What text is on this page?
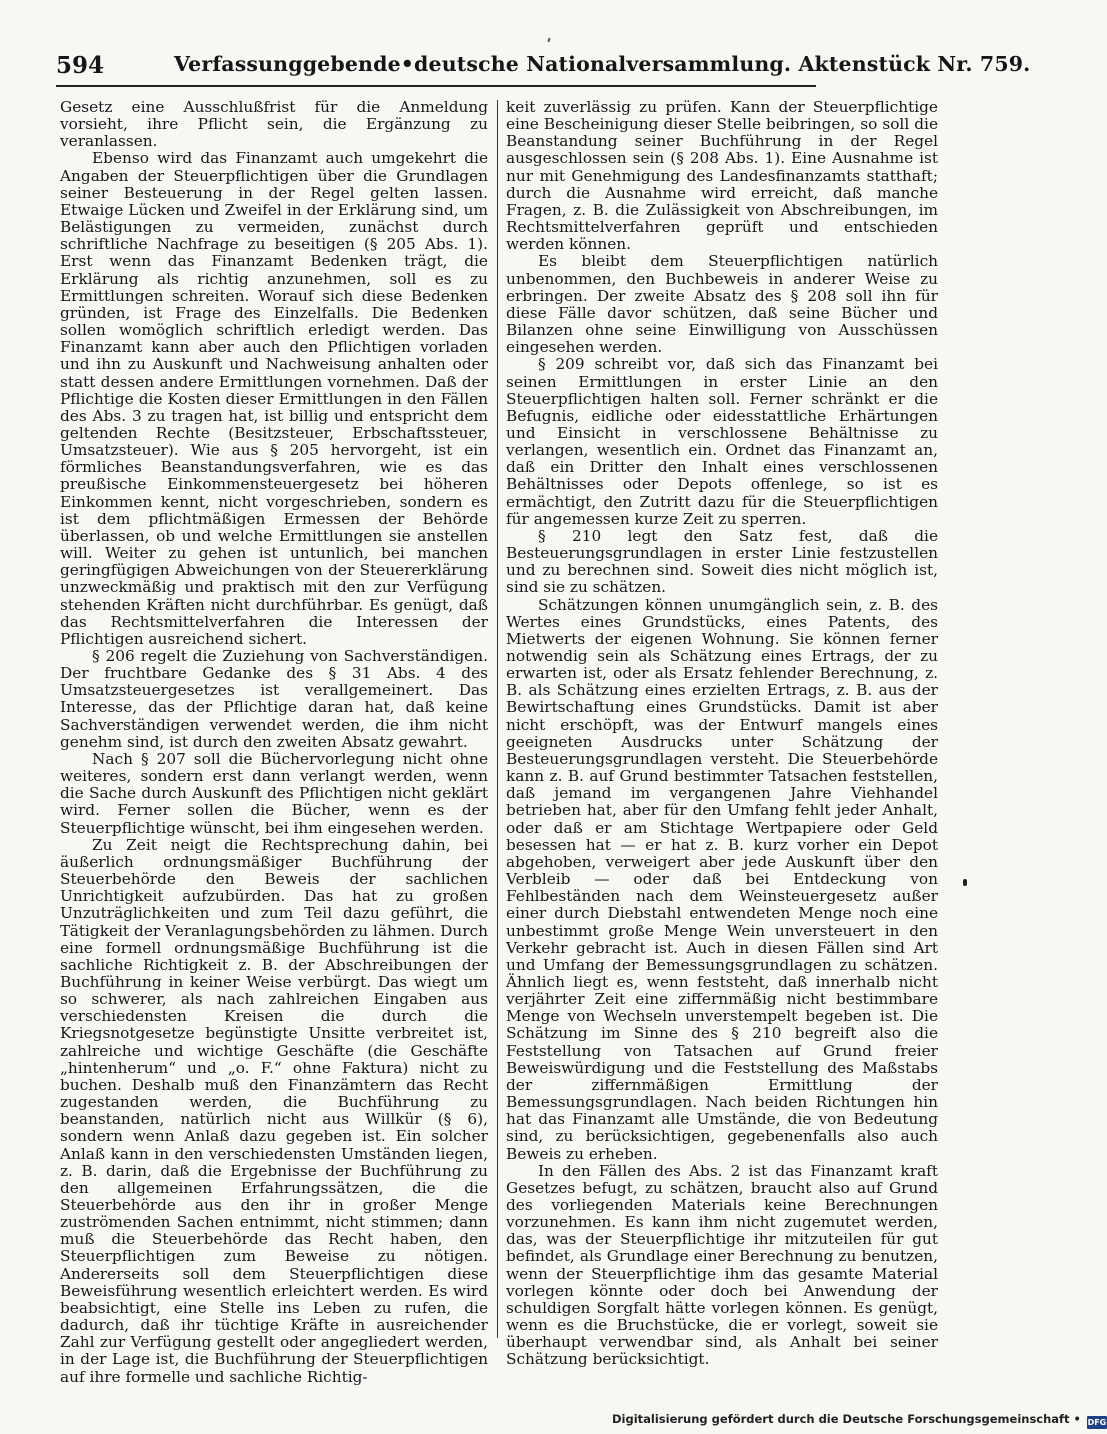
594	Verfassunggebende•deutsche Nationalversammlung. Aktenstück Nr. 759.

Gesetz eine Ausschlußfrist für die Anmeldung vorsieht, ihre Pflicht sein, die Ergänzung zu veranlassen.

Ebenso wird das Finanzamt auch umgekehrt die Angaben der Steuerpflichtigen über die Grundlagen seiner Besteuerung in der Regel gelten lassen. Etwaige Lücken und Zweifel in der Erklärung sind, um Belästigungen zu vermeiden, zunächst durch schriftliche Nachfrage zu beseitigen (§ 205 Abs. 1). Erst wenn das Finanzamt Bedenken trägt, die Erklärung als richtig anzunehmen, soll es zu Ermittlungen schreiten. Worauf sich diese Bedenken gründen, ist Frage des Einzelfalls. Die Bedenken sollen womöglich schriftlich erledigt werden. Das Finanzamt kann aber auch den Pflichtigen vorladen und ihn zu Auskunft und Nachweisung anhalten oder statt dessen andere Ermittlungen vornehmen. Daß der Pflichtige die Kosten dieser Ermittlungen in den Fällen des Abs. 3 zu tragen hat, ist billig und entspricht dem geltenden Rechte (Besitzsteuer, Erbschaftssteuer, Umsatzsteuer). Wie aus § 205 hervorgeht, ist ein förmliches Beanstandungsverfahren, wie es das preußische Einkommensteuergesetz bei höheren Einkommen kennt, nicht vorgeschrieben, sondern es ist dem pflichtmäßigen Ermessen der Behörde überlassen, ob und welche Ermittlungen sie anstellen will. Weiter zu gehen ist untunlich, bei manchen geringfügigen Abweichungen von der Steuererklärung unzweckmäßig und praktisch mit den zur Verfügung stehenden Kräften nicht durchführbar. Es genügt, daß das Rechtsmittelverfahren die Interessen der Pflichtigen ausreichend sichert.

§ 206 regelt die Zuziehung von Sachverständigen. Der fruchtbare Gedanke des § 31 Abs. 4 des Umsatzsteuergesetzes ist verallgemeinert. Das Interesse, das der Pflichtige daran hat, daß keine Sachverständigen verwendet werden, die ihm nicht genehm sind, ist durch den zweiten Absatz gewahrt.

Nach § 207 soll die Büchervorlegung nicht ohne weiteres, sondern erst dann verlangt werden, wenn die Sache durch Auskunft des Pflichtigen nicht geklärt wird. Ferner sollen die Bücher, wenn es der Steuerpflichtige wünscht, bei ihm eingesehen werden.

Zu Zeit neigt die Rechtsprechung dahin, bei äußerlich ordnungsmäßiger Buchführung der Steuerbehörde den Beweis der sachlichen Unrichtigkeit aufzubürden. Das hat zu großen Unzuträglichkeiten und zum Teil dazu geführt, die Tätigkeit der Veranlagungsbehörden zu lähmen. Durch eine formell ordnungsmäßige Buchführung ist die sachliche Richtigkeit z. B. der Abschreibungen der Buchführung in keiner Weise verbürgt. Das wiegt um so schwerer, als nach zahlreichen Eingaben aus verschiedensten Kreisen die durch die Kriegsnotgesetze begünstigte Unsitte verbreitet ist, zahlreiche und wichtige Geschäfte (die Geschäfte „hintenherum“ und „o. F.“ ohne Faktura) nicht zu buchen. Deshalb muß den Finanzämtern das Recht zugestanden werden, die Buchführung zu beanstanden, natürlich nicht aus Willkür (§ 6), sondern wenn Anlaß dazu gegeben ist. Ein solcher Anlaß kann in den verschiedensten Umständen liegen, z. B. darin, daß die Ergebnisse der Buchführung zu den allgemeinen Erfahrungssätzen, die die Steuerbehörde aus den ihr in großer Menge zuströmenden Sachen entnimmt, nicht stimmen; dann muß die Steuerbehörde das Recht haben, den Steuerpflichtigen zum Beweise zu nötigen. Andererseits soll dem Steuerpflichtigen diese Beweisführung wesentlich erleichtert werden. Es wird beabsichtigt, eine Stelle ins Leben zu rufen, die dadurch, daß ihr tüchtige Kräfte in ausreichender Zahl zur Verfügung gestellt oder angegliedert werden, in der Lage ist, die Buchführung der Steuerpflichtigen auf ihre formelle und sachliche Richtig-

keit zuverlässig zu prüfen. Kann der Steuerpflichtige eine Bescheinigung dieser Stelle beibringen, so soll die Beanstandung seiner Buchführung in der Regel ausgeschlossen sein (§ 208 Abs. 1). Eine Ausnahme ist nur mit Genehmigung des Landesfinanzamts statthaft; durch die Ausnahme wird erreicht, daß manche Fragen, z. B. die Zulässigkeit von Abschreibungen, im Rechtsmittelverfahren geprüft und entschieden werden können.

Es bleibt dem Steuerpflichtigen natürlich unbenommen, den Buchbeweis in anderer Weise zu erbringen. Der zweite Absatz des § 208 soll ihn für diese Fälle davor schützen, daß seine Bücher und Bilanzen ohne seine Einwilligung von Ausschüssen eingesehen werden.

§ 209 schreibt vor, daß sich das Finanzamt bei seinen Ermittlungen in erster Linie an den Steuerpflichtigen halten soll. Ferner schränkt er die Befugnis, eidliche oder eidesstattliche Erhärtungen und Einsicht in verschlossene Behältnisse zu verlangen, wesentlich ein. Ordnet das Finanzamt an, daß ein Dritter den Inhalt eines verschlossenen Behältnisses oder Depots offenlege, so ist es ermächtigt, den Zutritt dazu für die Steuerpflichtigen für angemessen kurze Zeit zu sperren.

§ 210 legt den Satz fest, daß die Besteuerungsgrundlagen in erster Linie festzustellen und zu berechnen sind. Soweit dies nicht möglich ist, sind sie zu schätzen.

Schätzungen können unumgänglich sein, z. B. des Wertes eines Grundstücks, eines Patents, des Mietwerts der eigenen Wohnung. Sie können ferner notwendig sein als Schätzung eines Ertrags, der zu erwarten ist, oder als Ersatz fehlender Berechnung, z. B. als Schätzung eines erzielten Ertrags, z. B. aus der Bewirtschaftung eines Grundstücks. Damit ist aber nicht erschöpft, was der Entwurf mangels eines geeigneten Ausdrucks unter Schätzung der Besteuerungsgrundlagen versteht. Die Steuerbehörde kann z. B. auf Grund bestimmter Tatsachen feststellen, daß jemand im vergangenen Jahre Viehhandel betrieben hat, aber für den Umfang fehlt jeder Anhalt, oder daß er am Stichtage Wertpapiere oder Geld besessen hat — er hat z. B. kurz vorher ein Depot abgehoben, verweigert aber jede Auskunft über den Verbleib — oder daß bei Entdeckung von Fehlbeständen nach dem Weinsteuergesetz außer einer durch Diebstahl entwendeten Menge noch eine unbestimmt große Menge Wein unversteuert in den Verkehr gebracht ist. Auch in diesen Fällen sind Art und Umfang der Bemessungsgrundlagen zu schätzen. Ähnlich liegt es, wenn feststeht, daß innerhalb nicht verjährter Zeit eine ziffernmäßig nicht bestimmbare Menge von Wechseln unverstempelt begeben ist. Die Schätzung im Sinne des § 210 begreift also die Feststellung von Tatsachen auf Grund freier Beweiswürdigung und die Feststellung des Maßstabs der ziffernmäßigen Ermittlung der Bemessungsgrundlagen. Nach beiden Richtungen hin hat das Finanzamt alle Umstände, die von Bedeutung sind, zu berücksichtigen, gegebenenfalls also auch Beweis zu erheben.

In den Fällen des Abs. 2 ist das Finanzamt kraft Gesetzes befugt, zu schätzen, braucht also auf Grund des vorliegenden Materials keine Berechnungen vorzunehmen. Es kann ihm nicht zugemutet werden, das, was der Steuerpflichtige ihr mitzuteilen für gut befindet, als Grundlage einer Berechnung zu benutzen, wenn der Steuerpflichtige ihm das gesamte Material vorlegen könnte oder doch bei Anwendung der schuldigen Sorgfalt hätte vorlegen können. Es genügt, wenn es die Bruchstücke, die er vorlegt, soweit sie überhaupt verwendbar sind, als Anhalt bei seiner Schätzung berücksichtigt.

Digitalisierung gefördert durch die Deutsche Forschungsgemeinschaft • DFG
